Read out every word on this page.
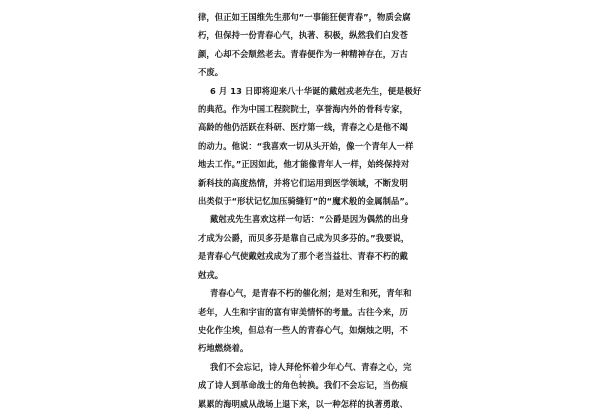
律，但正如王国维先生那句“一事能狂便青春”，物质会腐
朽，但保持一份青春心气，执著、积极，纵然我们白发苍
颜，心却不会颓然老去。青春便作为一种精神存在，万古
不废。
6 月 13 日即将迎来八十华诞的戴尅戎老先生，便是极好
的典范。作为中国工程院院士，享誉海内外的骨科专家，
高龄的他仍活跃在科研、医疗第一线，青春之心是他不竭
的动力。他说：“我喜欢一切从头开始，像一个青年人一样
地去工作。”正因如此，他才能像青年人一样，始终保持对
新科技的高度热情，并将它们运用到医学领域，不断发明
出类似于“形状记忆加压骑缝钉”的“魔术般的金属制品”。
戴尅戎先生喜欢这样一句话：“公爵是因为偶然的出身
才成为公爵，而贝多芬是靠自己成为贝多芬的。”我要说，
是青春心气使戴尅戎成为了那个老当益壮、青春不朽的戴
尅戎。
青春心气，是青春不朽的催化剂；是对生和死，青年和
老年，人生和宇宙的富有审美情怀的考量。古往今来，历
史化作尘埃，但总有一些人的青春心气，如炯烛之明，不
朽地燃烧着。
我们不会忘记，诗人拜伦怀着少年心气、青春之心，完
成了诗人到革命战士的角色转换。我们不会忘记，当伤痕
累累的海明威从战场上退下来，以一种怎样的执著勇敢、
3
